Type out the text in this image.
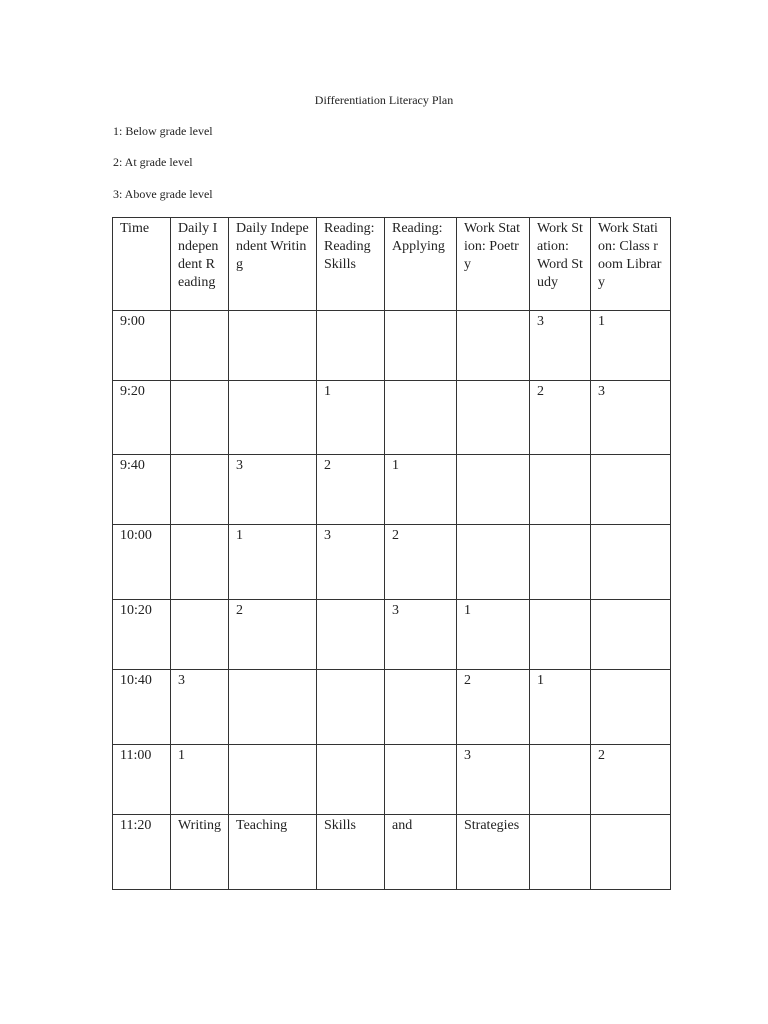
Differentiation Literacy Plan
1: Below grade level
2: At grade level
3: Above grade level
Time	Daily Independent Reading	Daily Independent Writing	Reading: Reading Skills	Reading: Applying	Work Station: Poetry	Work Station: Word Study	Work Station: Class room Library
9:00						3	1
9:20			1			2	3
9:40		3	2	1			
10:00		1	3	2			
10:20		2		3	1		
10:40	3				2	1	
11:00	1				3		2
11:20	Writing	Teaching	Skills	and	Strategies		
